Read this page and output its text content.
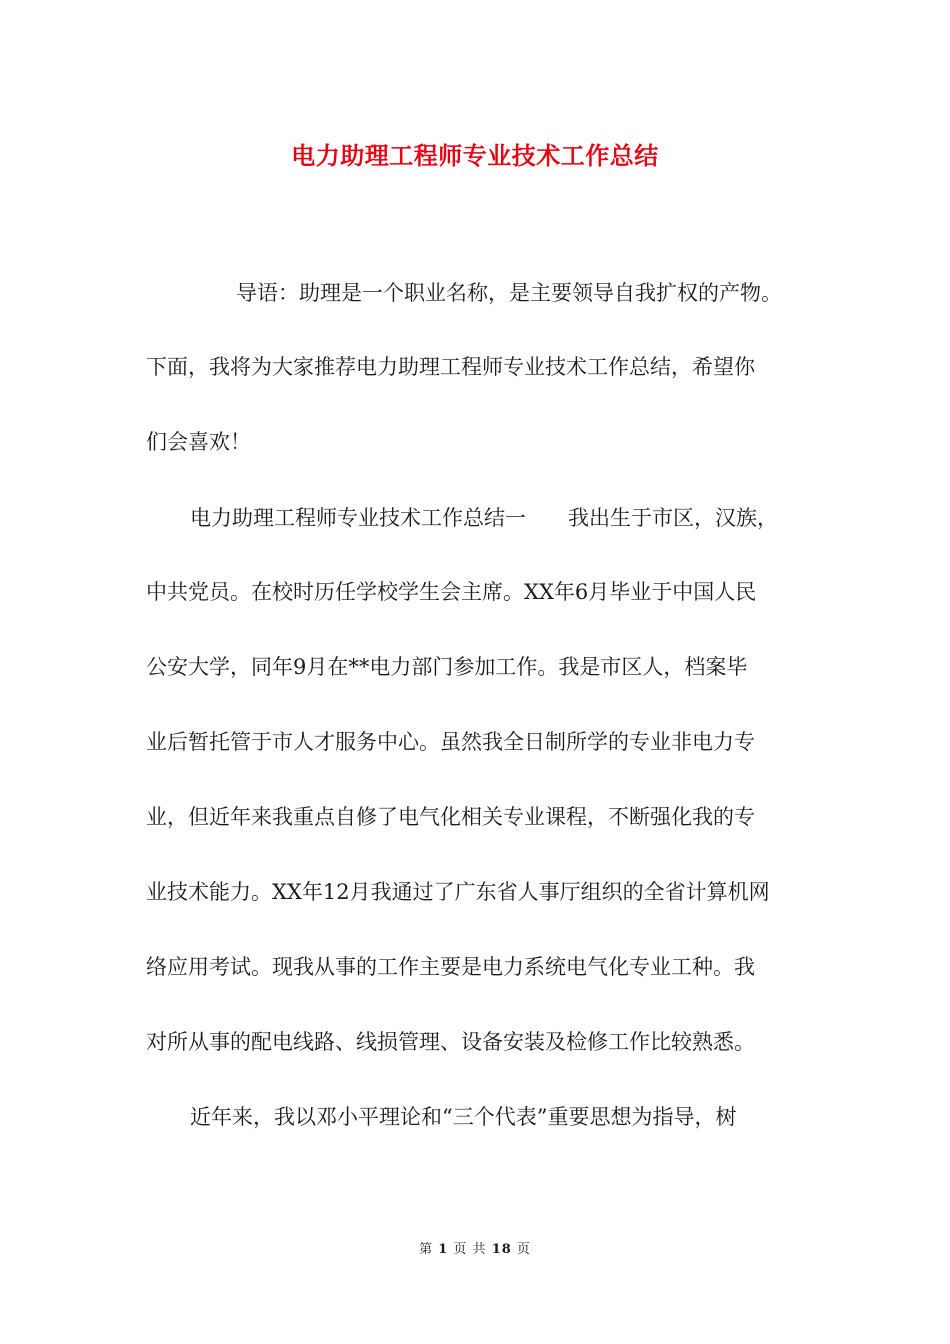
电力助理工程师专业技术工作总结
导语：助理是一个职业名称，是主要领导自我扩权的产物。
下面，我将为大家推荐电力助理工程师专业技术工作总结，希望你
们会喜欢！
电力助理工程师专业技术工作总结一　　我出生于市区，汉族，
中共党员。在校时历任学校学生会主席。XX年6月毕业于中国人民
公安大学，同年9月在**电力部门参加工作。我是市区人，档案毕
业后暂托管于市人才服务中心。虽然我全日制所学的专业非电力专
业，但近年来我重点自修了电气化相关专业课程，不断强化我的专
业技术能力。XX年12月我通过了广东省人事厅组织的全省计算机网
络应用考试。现我从事的工作主要是电力系统电气化专业工种。我
对所从事的配电线路、线损管理、设备安装及检修工作比较熟悉。
近年来，我以邓小平理论和“三个代表”重要思想为指导，树
第 1 页 共 18 页
